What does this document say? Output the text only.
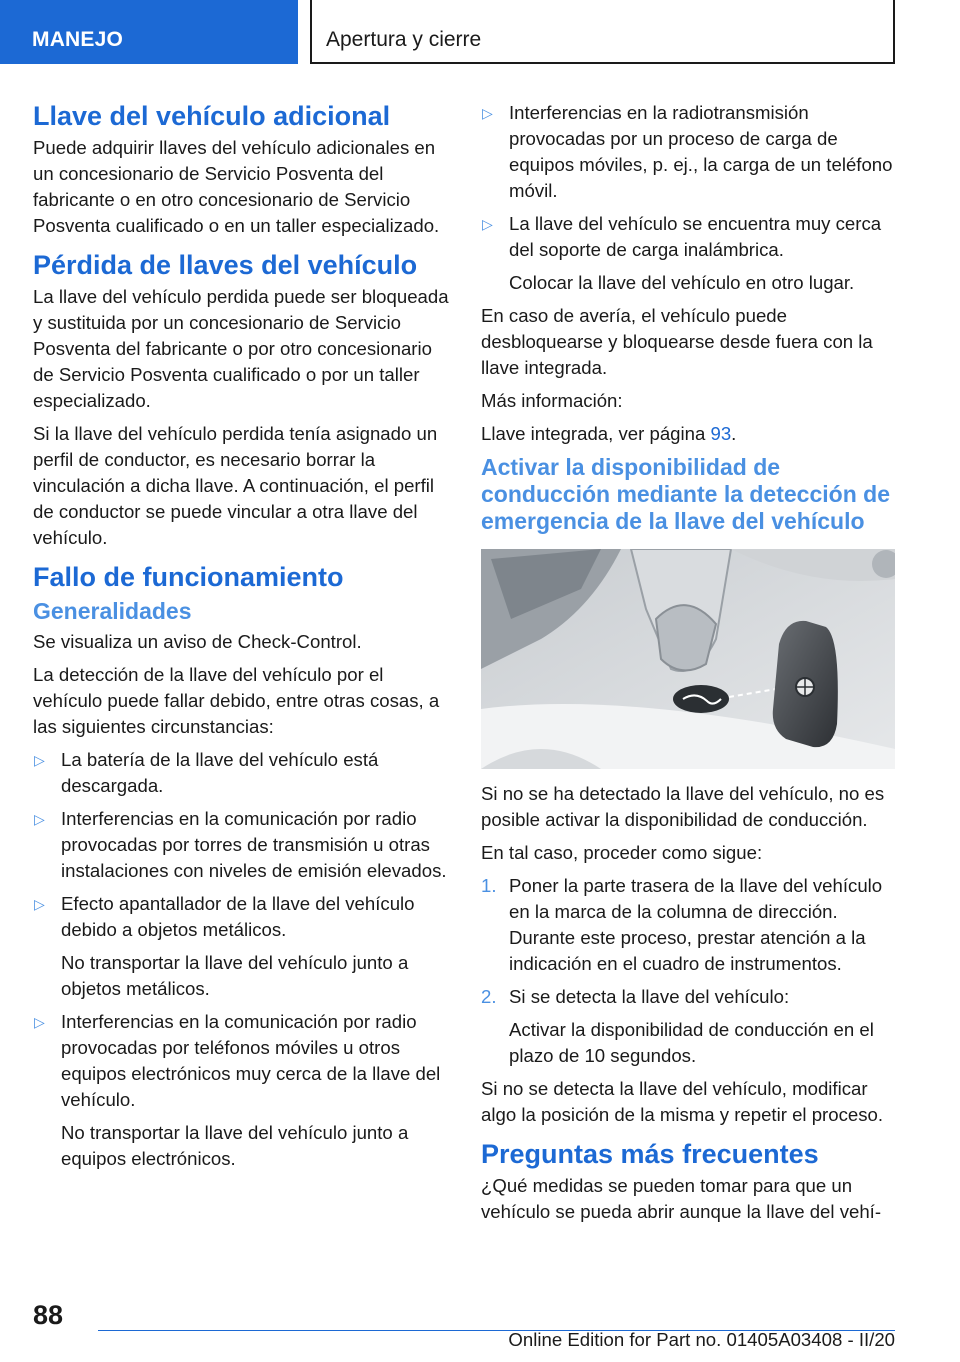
MANEJO	Apertura y cierre
Llave del vehículo adicional
Puede adquirir llaves del vehículo adicionales en un concesionario de Servicio Posventa del fabricante o en otro concesionario de Servicio Posventa cualificado o en un taller especializado.
Pérdida de llaves del vehículo
La llave del vehículo perdida puede ser bloqueada y sustituida por un concesionario de Servicio Posventa del fabricante o por otro concesionario de Servicio Posventa cualificado o por un taller especializado.
Si la llave del vehículo perdida tenía asignado un perfil de conductor, es necesario borrar la vinculación a dicha llave. A continuación, el perfil de conductor se puede vincular a otra llave del vehículo.
Fallo de funcionamiento
Generalidades
Se visualiza un aviso de Check-Control.
La detección de la llave del vehículo por el vehículo puede fallar debido, entre otras cosas, a las siguientes circunstancias:
▷ La batería de la llave del vehículo está descargada.
▷ Interferencias en la comunicación por radio provocadas por torres de transmisión u otras instalaciones con niveles de emisión elevados.
▷ Efecto apantallador de la llave del vehículo debido a objetos metálicos.
No transportar la llave del vehículo junto a objetos metálicos.
▷ Interferencias en la comunicación por radio provocadas por teléfonos móviles u otros equipos electrónicos muy cerca de la llave del vehículo.
No transportar la llave del vehículo junto a equipos electrónicos.
▷ Interferencias en la radiotransmisión provocadas por un proceso de carga de equipos móviles, p. ej., la carga de un teléfono móvil.
▷ La llave del vehículo se encuentra muy cerca del soporte de carga inalámbrica.
Colocar la llave del vehículo en otro lugar.
En caso de avería, el vehículo puede desbloquearse y bloquearse desde fuera con la llave integrada.
Más información:
Llave integrada, ver página 93.
Activar la disponibilidad de conducción mediante la detección de emergencia de la llave del vehículo
Si no se ha detectado la llave del vehículo, no es posible activar la disponibilidad de conducción.
En tal caso, proceder como sigue:
1. Poner la parte trasera de la llave del vehículo en la marca de la columna de dirección. Durante este proceso, prestar atención a la indicación en el cuadro de instrumentos.
2. Si se detecta la llave del vehículo:
Activar la disponibilidad de conducción en el plazo de 10 segundos.
Si no se detecta la llave del vehículo, modificar algo la posición de la misma y repetir el proceso.
Preguntas más frecuentes
¿Qué medidas se pueden tomar para que un vehículo se pueda abrir aunque la llave del vehí‐
88
Online Edition for Part no. 01405A03408 - II/20
